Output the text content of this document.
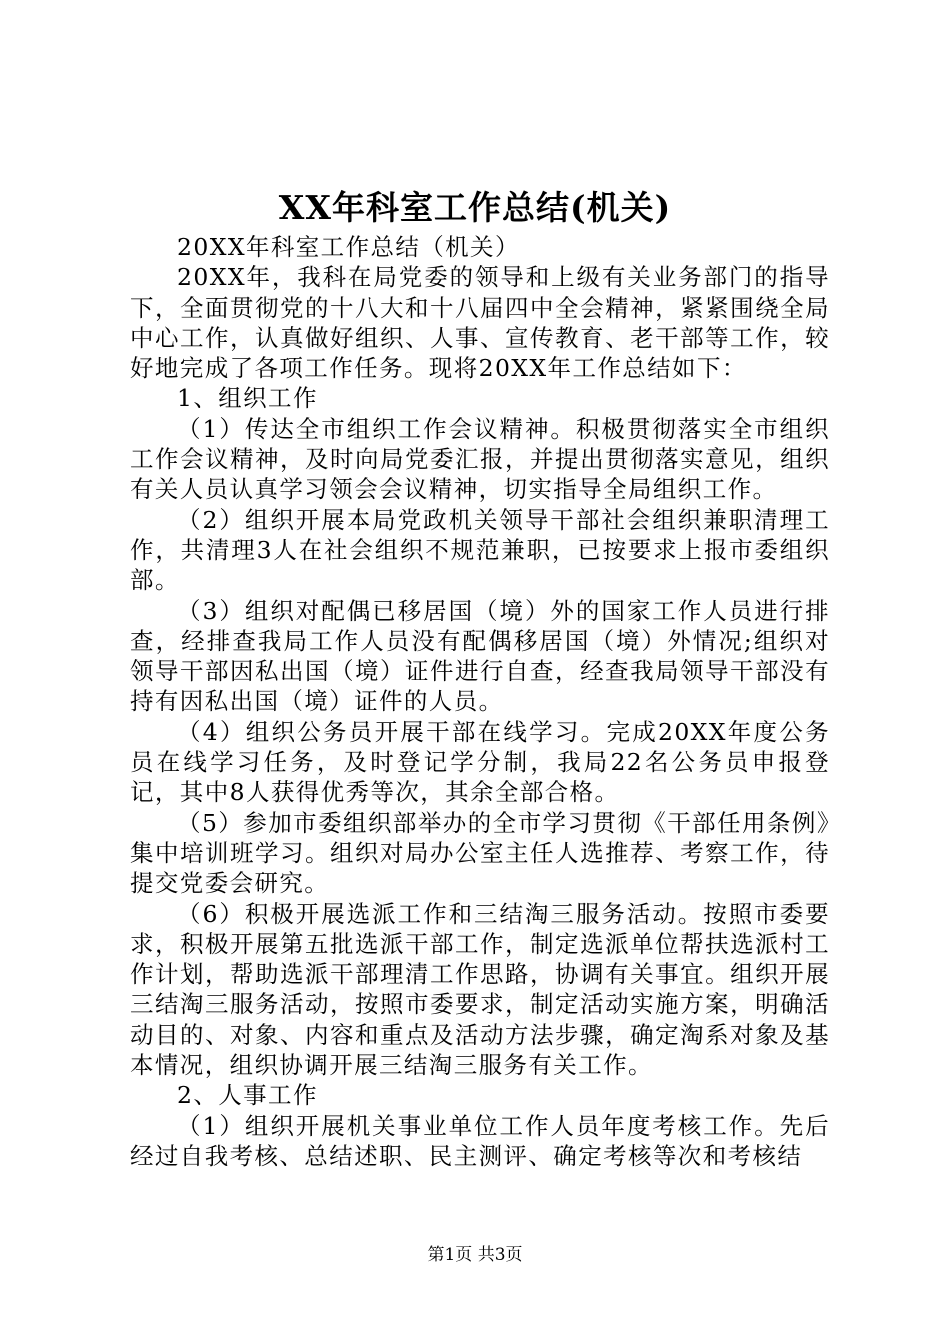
XX年科室工作总结(机关)

20XX年科室工作总结（机关）

20XX年，我科在局党委的领导和上级有关业务部门的指导下，全面贯彻党的十八大和十八届四中全会精神，紧紧围绕全局中心工作，认真做好组织、人事、宣传教育、老干部等工作，较好地完成了各项工作任务。现将20XX年工作总结如下：

1、组织工作

（1）传达全市组织工作会议精神。积极贯彻落实全市组织工作会议精神，及时向局党委汇报，并提出贯彻落实意见，组织有关人员认真学习领会会议精神，切实指导全局组织工作。

（2）组织开展本局党政机关领导干部社会组织兼职清理工作，共清理3人在社会组织不规范兼职，已按要求上报市委组织部。

（3）组织对配偶已移居国（境）外的国家工作人员进行排查，经排查我局工作人员没有配偶移居国（境）外情况;组织对领导干部因私出国（境）证件进行自查，经查我局领导干部没有持有因私出国（境）证件的人员。

（4）组织公务员开展干部在线学习。完成20XX年度公务员在线学习任务，及时登记学分制，我局22名公务员申报登记，其中8人获得优秀等次，其余全部合格。

（5）参加市委组织部举办的全市学习贯彻《干部任用条例》集中培训班学习。组织对局办公室主任人选推荐、考察工作，待提交党委会研究。

（6）积极开展选派工作和三结淘三服务活动。按照市委要求，积极开展第五批选派干部工作，制定选派单位帮扶选派村工作计划，帮助选派干部理清工作思路，协调有关事宜。组织开展三结淘三服务活动，按照市委要求，制定活动实施方案，明确活动目的、对象、内容和重点及活动方法步骤，确定淘系对象及基本情况，组织协调开展三结淘三服务有关工作。

2、人事工作

（1）组织开展机关事业单位工作人员年度考核工作。先后经过自我考核、总结述职、民主测评、确定考核等次和考核结

第1页 共3页
